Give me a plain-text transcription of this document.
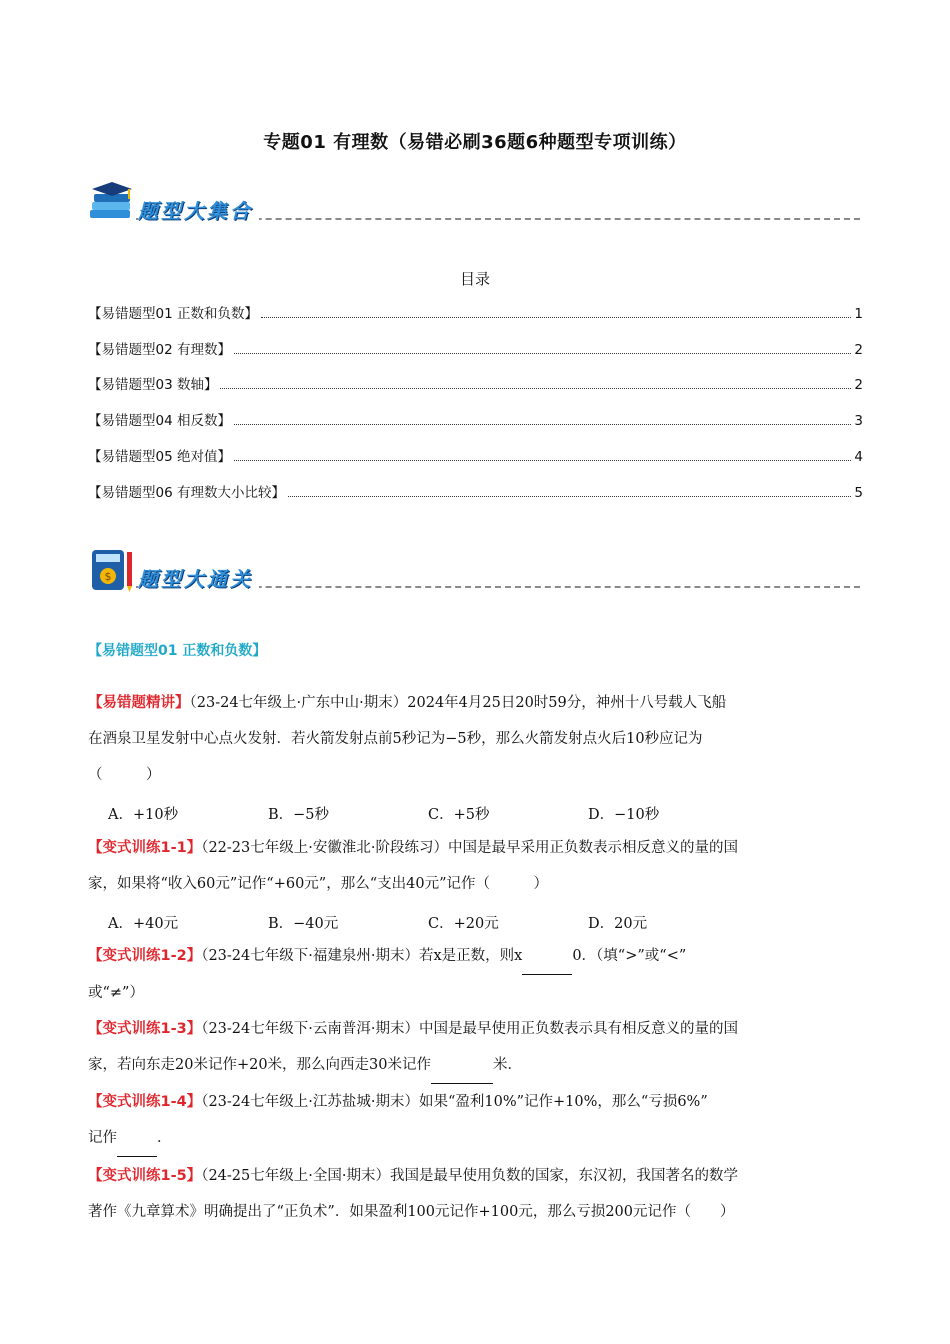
专题01 有理数（易错必刷36题6种题型专项训练）
题型大集合
目录
【易错题型01 正数和负数】	1
【易错题型02 有理数】	2
【易错题型03 数轴】	2
【易错题型04 相反数】	3
【易错题型05 绝对值】	4
【易错题型06 有理数大小比较】	5
$ 题型大通关
【易错题型01 正数和负数】
【易错题精讲】（23-24七年级上·广东中山·期末）2024年4月25日20时59分，神州十八号载人飞船
在酒泉卫星发射中心点火发射．若火箭发射点前5秒记为−5秒，那么火箭发射点火后10秒应记为
（　　　）
A．+10秒	B．−5秒	C．+5秒	D．−10秒
【变式训练1-1】（22-23七年级上·安徽淮北·阶段练习）中国是最早采用正负数表示相反意义的量的国
家，如果将“收入60元”记作“+60元”，那么“支出40元”记作（　　　）
A．+40元	B．−40元	C．+20元	D．20元
【变式训练1-2】（23-24七年级下·福建泉州·期末）若x是正数，则x	0．（填“>”或“<”
或“≠”）
【变式训练1-3】（23-24七年级下·云南普洱·期末）中国是最早使用正负数表示具有相反意义的量的国
家，若向东走20米记作+20米，那么向西走30米记作	米．
【变式训练1-4】（23-24七年级上·江苏盐城·期末）如果“盈利10%”记作+10%，那么“亏损6%”
记作	．
【变式训练1-5】（24-25七年级上·全国·期末）我国是最早使用负数的国家，东汉初，我国著名的数学
著作《九章算术》明确提出了“正负术”．如果盈利100元记作+100元，那么亏损200元记作（　　）
